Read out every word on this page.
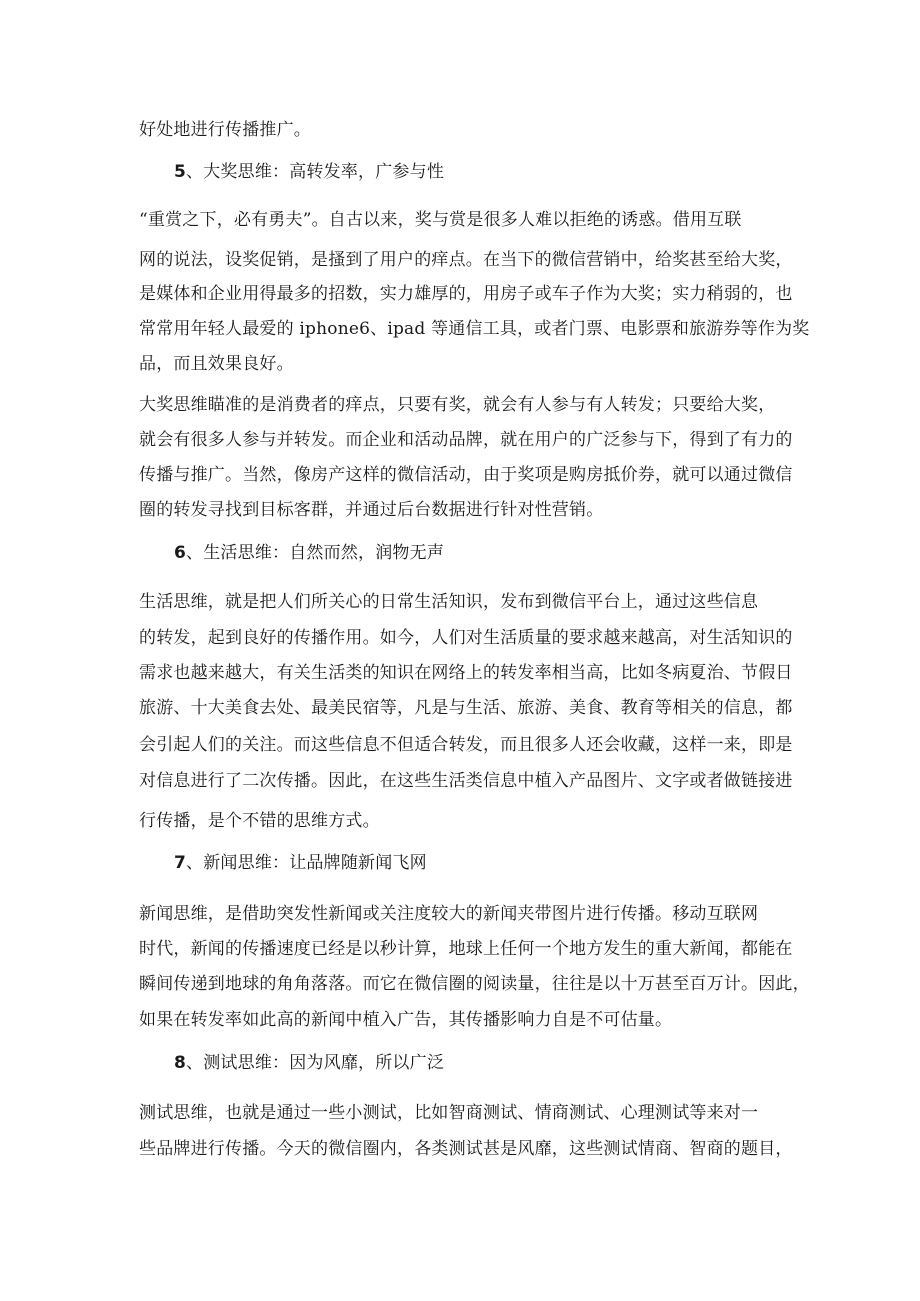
好处地进行传播推广。
5、大奖思维：高转发率，广参与性
“重赏之下，必有勇夫”。自古以来，奖与赏是很多人难以拒绝的诱惑。借用互联
网的说法，设奖促销，是搔到了用户的痒点。在当下的微信营销中，给奖甚至给大奖，
是媒体和企业用得最多的招数，实力雄厚的，用房子或车子作为大奖；实力稍弱的，也
常常用年轻人最爱的 iphone6、ipad 等通信工具，或者门票、电影票和旅游券等作为奖
品，而且效果良好。
大奖思维瞄准的是消费者的痒点，只要有奖，就会有人参与有人转发；只要给大奖，
就会有很多人参与并转发。而企业和活动品牌，就在用户的广泛参与下，得到了有力的
传播与推广。当然，像房产这样的微信活动，由于奖项是购房抵价券，就可以通过微信
圈的转发寻找到目标客群，并通过后台数据进行针对性营销。
6、生活思维：自然而然，润物无声
生活思维，就是把人们所关心的日常生活知识，发布到微信平台上，通过这些信息
的转发，起到良好的传播作用。如今，人们对生活质量的要求越来越高，对生活知识的
需求也越来越大，有关生活类的知识在网络上的转发率相当高，比如冬病夏治、节假日
旅游、十大美食去处、最美民宿等，凡是与生活、旅游、美食、教育等相关的信息，都
会引起人们的关注。而这些信息不但适合转发，而且很多人还会收藏，这样一来，即是
对信息进行了二次传播。因此，在这些生活类信息中植入产品图片、文字或者做链接进
行传播，是个不错的思维方式。
7、新闻思维：让品牌随新闻飞网
新闻思维，是借助突发性新闻或关注度较大的新闻夹带图片进行传播。移动互联网
时代，新闻的传播速度已经是以秒计算，地球上任何一个地方发生的重大新闻，都能在
瞬间传递到地球的角角落落。而它在微信圈的阅读量，往往是以十万甚至百万计。因此，
如果在转发率如此高的新闻中植入广告，其传播影响力自是不可估量。
8、测试思维：因为风靡，所以广泛
测试思维，也就是通过一些小测试，比如智商测试、情商测试、心理测试等来对一
些品牌进行传播。今天的微信圈内，各类测试甚是风靡，这些测试情商、智商的题目，
